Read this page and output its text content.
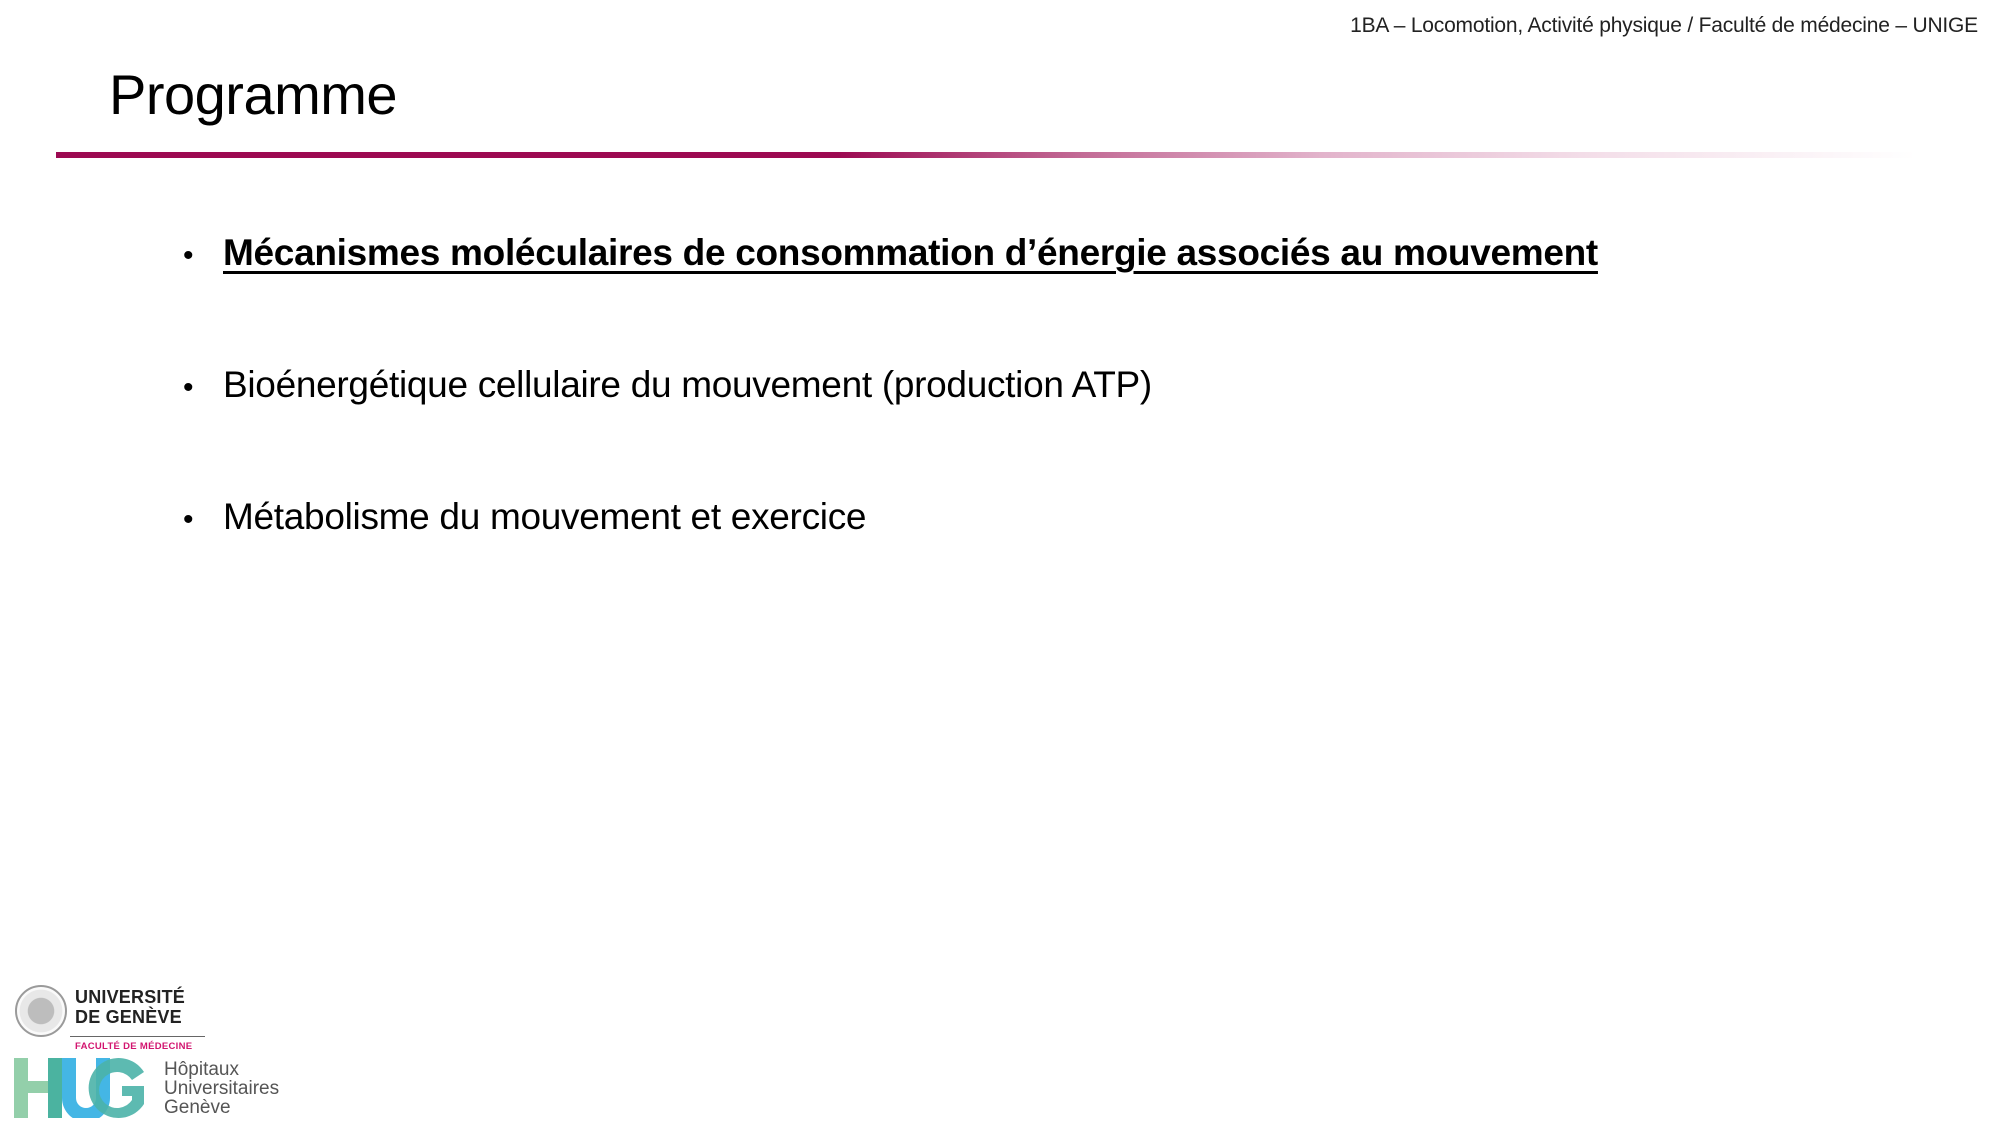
1BA – Locomotion, Activité physique / Faculté de médecine – UNIGE
Programme
• Mécanismes moléculaires de consommation d’énergie associés au mouvement
• Bioénergétique cellulaire du mouvement (production ATP)
• Métabolisme du mouvement et exercice
UNIVERSITÉ
DE GENÈVE
FACULTÉ DE MÉDECINE
Hôpitaux
Universitaires
Genève
